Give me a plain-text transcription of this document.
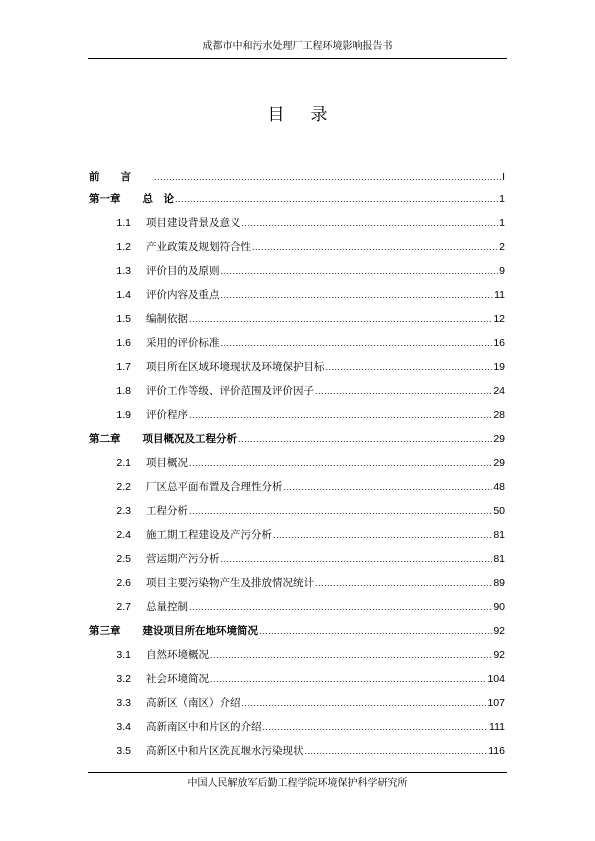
成都市中和污水处理厂工程环境影响报告书
目录
前　　言 .....	I
第一章 总　论 .....	1
1.1	项目建设背景及意义 .....	1
1.2	产业政策及规划符合性 .....	2
1.3	评价目的及原则 .....	9
1.4	评价内容及重点 .....	11
1.5	编制依据 .....	12
1.6	采用的评价标准 .....	16
1.7	项目所在区域环境现状及环境保护目标 .....	19
1.8	评价工作等级、评价范围及评价因子 .....	24
1.9	评价程序 .....	28
第二章 项目概况及工程分析 .....	29
2.1	项目概况 .....	29
2.2	厂区总平面布置及合理性分析 .....	48
2.3	工程分析 .....	50
2.4	施工期工程建设及产污分析 .....	81
2.5	营运期产污分析 .....	81
2.6	项目主要污染物产生及排放情况统计 .....	89
2.7	总量控制 .....	90
第三章 建设项目所在地环境简况 .....	92
3.1	自然环境概况 .....	92
3.2	社会环境简况 .....	104
3.3	高新区（南区）介绍 .....	107
3.4	高新南区中和片区的介绍 .....	111
3.5	高新区中和片区洗瓦堰水污染现状 .....	116
中国人民解放军后勤工程学院环境保护科学研究所
